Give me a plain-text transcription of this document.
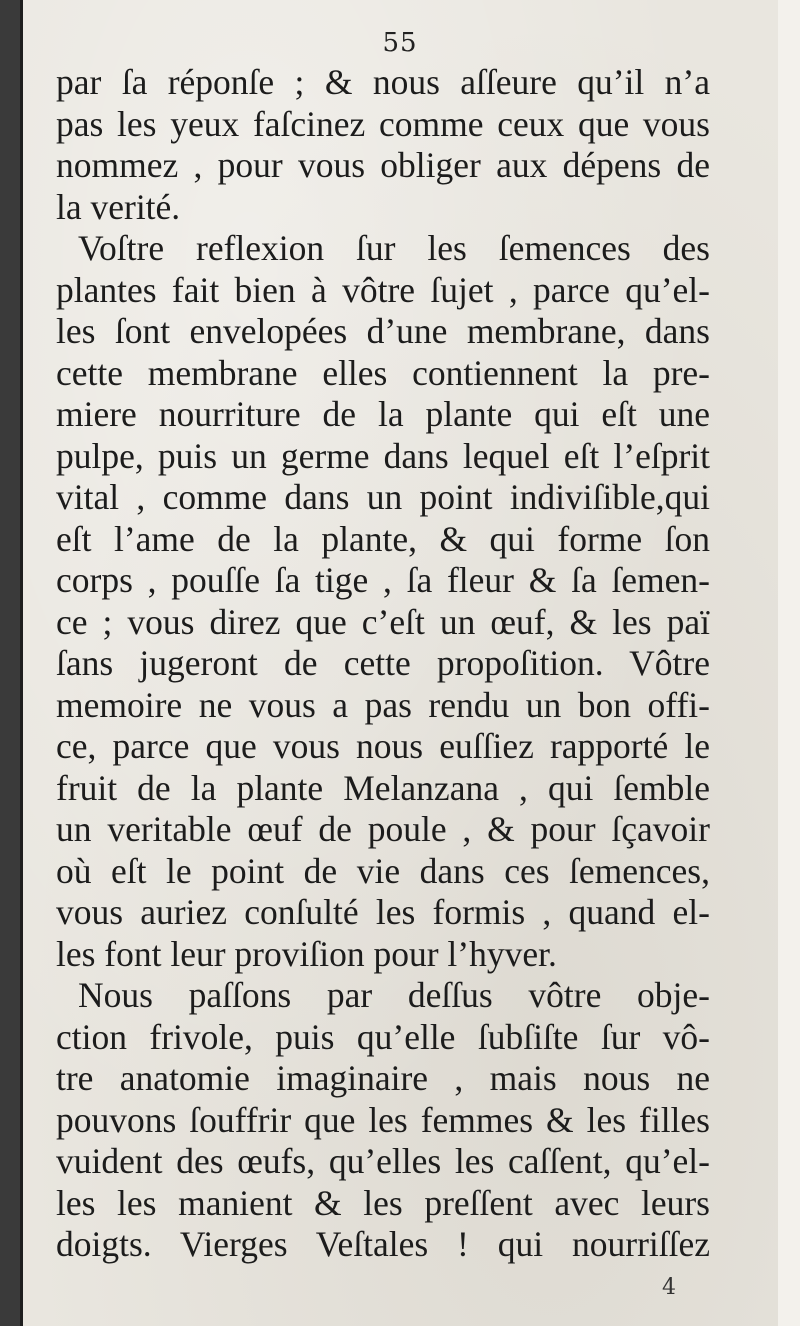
55
par ſa réponſe ; & nous aſſeure qu’il n’a
pas les yeux faſcinez comme ceux que vous
nommez , pour vous obliger aux dépens de
la verité.
Voſtre reflexion ſur les ſemences des
plantes fait bien à vôtre ſujet , parce qu’el-
les ſont envelopées d’une membrane, dans
cette membrane elles contiennent la pre-
miere nourriture de la plante qui eſt une
pulpe, puis un germe dans lequel eſt l’eſprit
vital , comme dans un point indiviſible,qui
eſt l’ame de la plante, & qui forme ſon
corps , pouſſe ſa tige , ſa fleur & ſa ſemen-
ce ; vous direz que c’eſt un œuf, & les paï
ſans jugeront de cette propoſition. Vôtre
memoire ne vous a pas rendu un bon offi-
ce, parce que vous nous euſſiez rapporté le
fruit de la plante Melanzana , qui ſemble
un veritable œuf de poule , & pour ſçavoir
où eſt le point de vie dans ces ſemences,
vous auriez conſulté les formis , quand el-
les font leur proviſion pour l’hyver.
Nous paſſons par deſſus vôtre obje-
ction frivole, puis qu’elle ſubſiſte ſur vô-
tre anatomie imaginaire , mais nous ne
pouvons ſouffrir que les femmes & les filles
vuident des œufs, qu’elles les caſſent, qu’el-
les les manient & les preſſent avec leurs
doigts. Vierges Veſtales ! qui nourriſſez
4
